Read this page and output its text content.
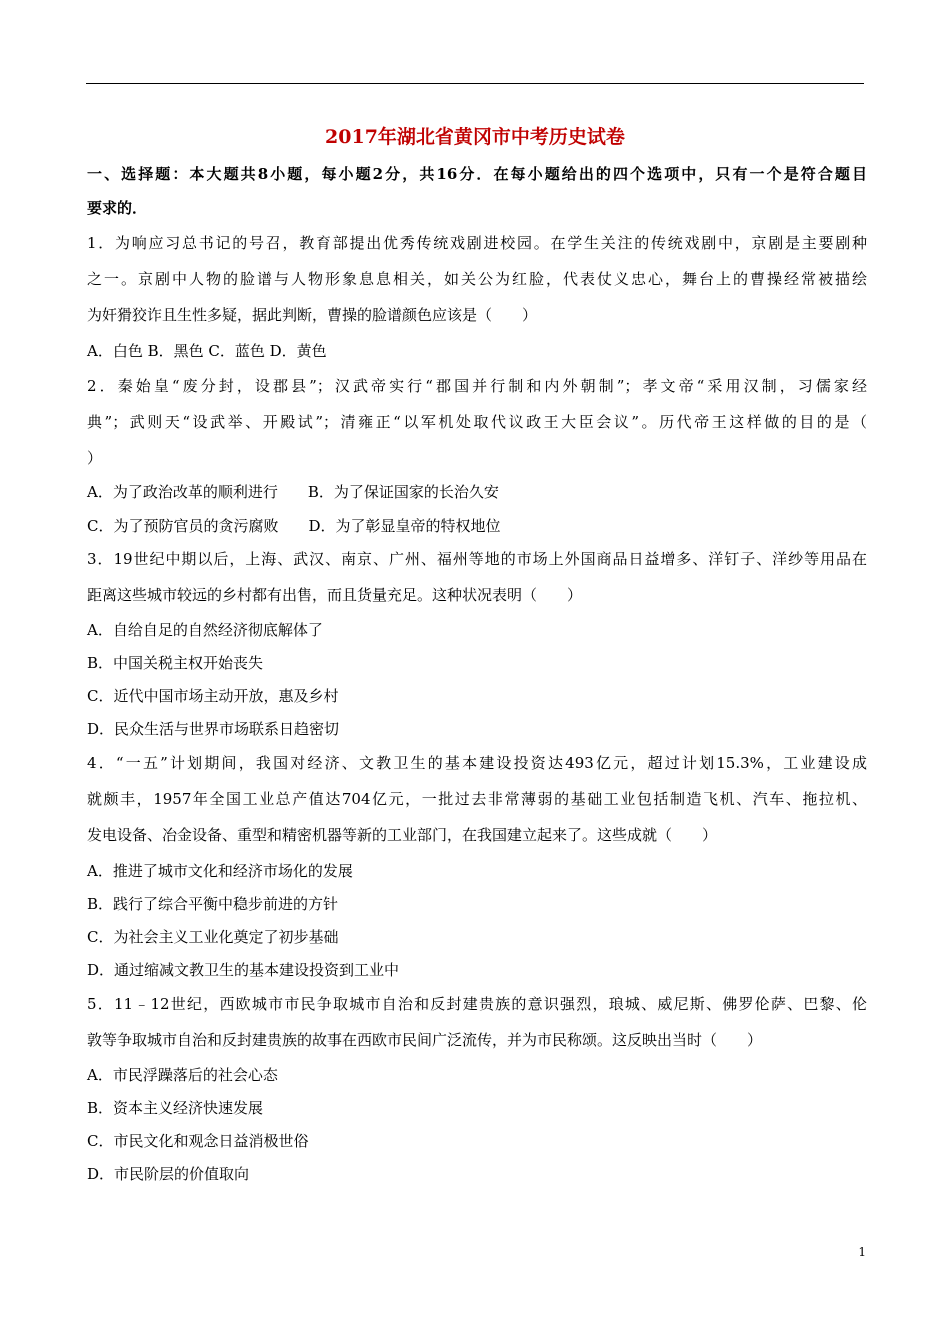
2017年湖北省黄冈市中考历史试卷
一、选择题：本大题共8小题，每小题2分，共16分．在每小题给出的四个选项中，只有一个是符合题目
要求的．
1．为响应习总书记的号召，教育部提出优秀传统戏剧进校园。在学生关注的传统戏剧中，京剧是主要剧种
之一。京剧中人物的脸谱与人物形象息息相关，如关公为红脸，代表仗义忠心，舞台上的曹操经常被描绘
为奸猾狡诈且生性多疑，据此判断，曹操的脸谱颜色应该是（　　）
A．白色 B．黑色 C．蓝色 D．黄色
2．秦始皇“废分封，设郡县”；汉武帝实行“郡国并行制和内外朝制”；孝文帝“采用汉制，习儒家经
典”；武则天“设武举、开殿试”；清雍正“以军机处取代议政王大臣会议”。历代帝王这样做的目的是（
）
A．为了政治改革的顺利进行　　B．为了保证国家的长治久安
C．为了预防官员的贪污腐败　　D．为了彰显皇帝的特权地位
3．19世纪中期以后，上海、武汉、南京、广州、福州等地的市场上外国商品日益增多、洋钉子、洋纱等用品在
距离这些城市较远的乡村都有出售，而且货量充足。这种状况表明（　　）
A．自给自足的自然经济彻底解体了
B．中国关税主权开始丧失
C．近代中国市场主动开放，惠及乡村
D．民众生活与世界市场联系日趋密切
4．“一五”计划期间，我国对经济、文教卫生的基本建设投资达493亿元，超过计划15.3%，工业建设成
就颇丰，1957年全国工业总产值达704亿元，一批过去非常薄弱的基础工业包括制造飞机、汽车、拖拉机、
发电设备、冶金设备、重型和精密机器等新的工业部门，在我国建立起来了。这些成就（　　）
A．推进了城市文化和经济市场化的发展
B．践行了综合平衡中稳步前进的方针
C．为社会主义工业化奠定了初步基础
D．通过缩减文教卫生的基本建设投资到工业中
5．11﹣12世纪，西欧城市市民争取城市自治和反封建贵族的意识强烈，琅城、威尼斯、佛罗伦萨、巴黎、伦
敦等争取城市自治和反封建贵族的故事在西欧市民间广泛流传，并为市民称颂。这反映出当时（　　）
A．市民浮躁落后的社会心态
B．资本主义经济快速发展
C．市民文化和观念日益消极世俗
D．市民阶层的价值取向
1
